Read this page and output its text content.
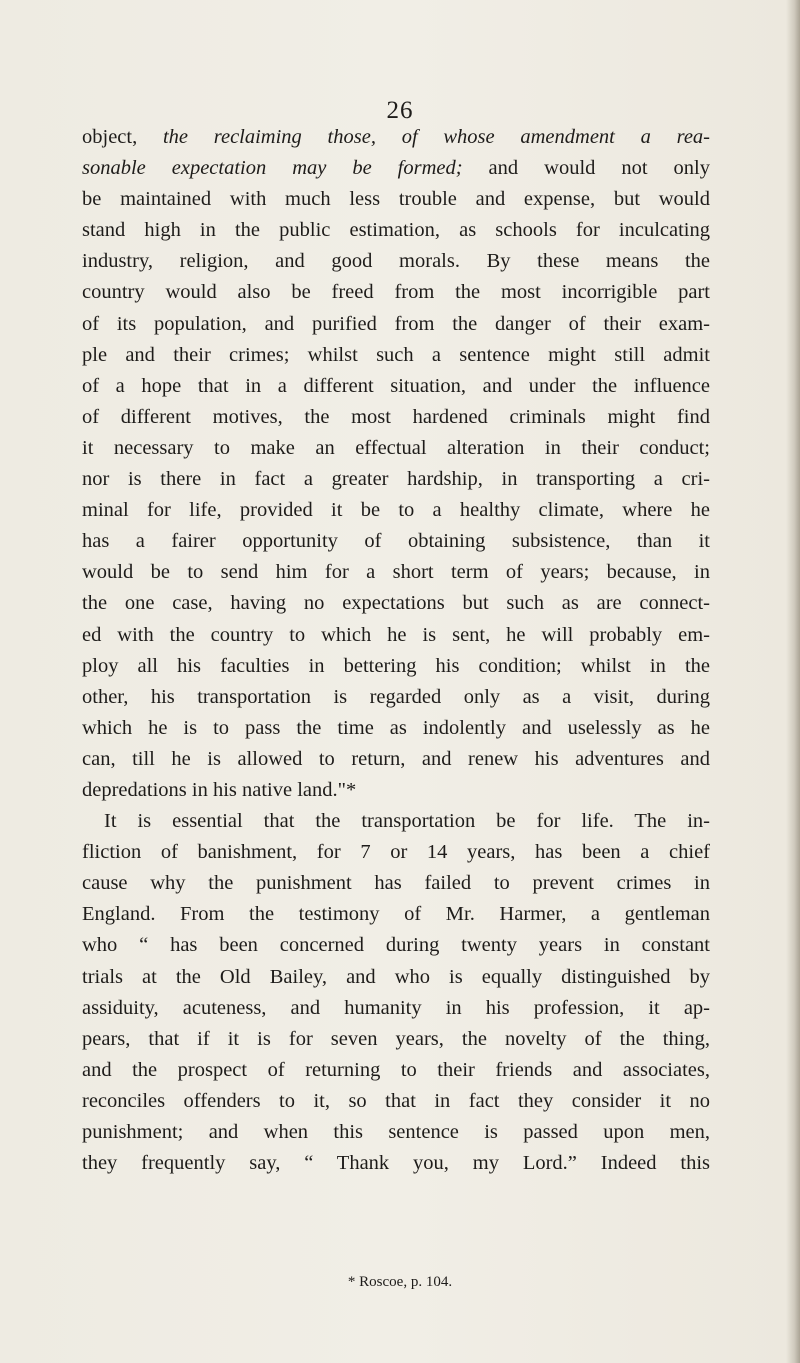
26
object, the reclaiming those, of whose amendment a rea-
sonable expectation may be formed; and would not only
be maintained with much less trouble and expense, but would
stand high in the public estimation, as schools for inculcating
industry, religion, and good morals. By these means the
country would also be freed from the most incorrigible part
of its population, and purified from the danger of their exam-
ple and their crimes; whilst such a sentence might still admit
of a hope that in a different situation, and under the influence
of different motives, the most hardened criminals might find
it necessary to make an effectual alteration in their conduct;
nor is there in fact a greater hardship, in transporting a cri-
minal for life, provided it be to a healthy climate, where he
has a fairer opportunity of obtaining subsistence, than it
would be to send him for a short term of years; because, in
the one case, having no expectations but such as are connect-
ed with the country to which he is sent, he will probably em-
ploy all his faculties in bettering his condition; whilst in the
other, his transportation is regarded only as a visit, during
which he is to pass the time as indolently and uselessly as he
can, till he is allowed to return, and renew his adventures and
depredations in his native land."*
It is essential that the transportation be for life. The in-
fliction of banishment, for 7 or 14 years, has been a chief
cause why the punishment has failed to prevent crimes in
England. From the testimony of Mr. Harmer, a gentleman
who “ has been concerned during twenty years in constant
trials at the Old Bailey, and who is equally distinguished by
assiduity, acuteness, and humanity in his profession, it ap-
pears, that if it is for seven years, the novelty of the thing,
and the prospect of returning to their friends and associates,
reconciles offenders to it, so that in fact they consider it no
punishment; and when this sentence is passed upon men,
they frequently say, “ Thank you, my Lord.” Indeed this
* Roscoe, p. 104.
